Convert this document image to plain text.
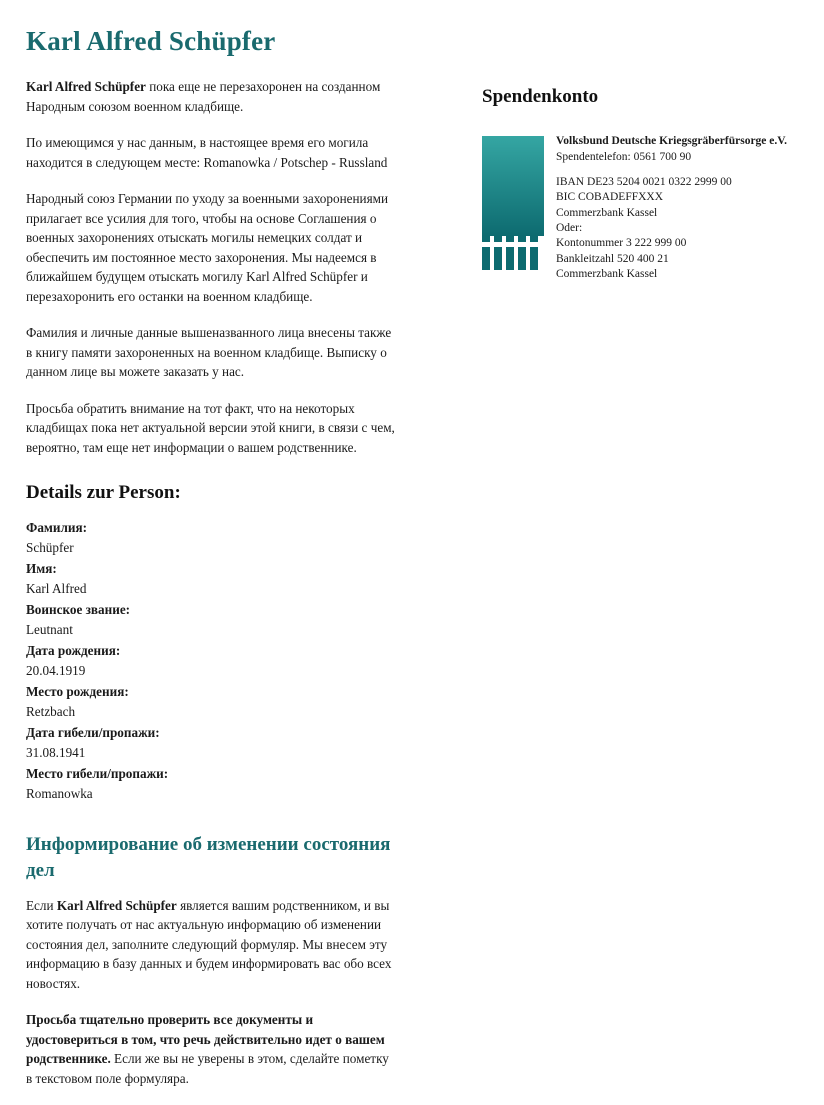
Karl Alfred Schüpfer

Karl Alfred Schüpfer пока еще не перезахоронен на созданном Народным союзом военном кладбище.

По имеющимся у нас данным, в настоящее время его могила находится в следующем месте: Romanowka / Potschep - Russland

Народный союз Германии по уходу за военными захоронениями прилагает все усилия для того, чтобы на основе Соглашения о военных захоронениях отыскать могилы немецких солдат и обеспечить им постоянное место захоронения. Мы надеемся в ближайшем будущем отыскать могилу Karl Alfred Schüpfer и перезахоронить его останки на военном кладбище.

Фамилия и личные данные вышеназванного лица внесены также в книгу памяти захороненных на военном кладбище. Выписку о данном лице вы можете заказать у нас.

Просьба обратить внимание на тот факт, что на некоторых кладбищах пока нет актуальной версии этой книги, в связи с чем, вероятно, там еще нет информации о вашем родственнике.

Details zur Person:
Фамилия:
Schüpfer
Имя:
Karl Alfred
Воинское звание:
Leutnant
Дата рождения:
20.04.1919
Место рождения:
Retzbach
Дата гибели/пропажи:
31.08.1941
Место гибели/пропажи:
Romanowka
Информирование об изменении состояния дел

Если Karl Alfred Schüpfer является вашим родственником, и вы хотите получать от нас актуальную информацию об изменении состояния дел, заполните следующий формуляр. Мы внесем эту информацию в базу данных и будем информировать вас обо всех новостях.

Просьба тщательно проверить все документы и удостовериться в том, что речь действительно идет о вашем родственнике. Если же вы не уверены в этом, сделайте пометку в текстовом поле формуляра.

Spendenkonto
Volksbund Deutsche Kriegsgräberfürsorge e.V.
Spendentelefon: 0561 700 90
IBAN DE23 5204 0021 0322 2999 00
BIC COBADEFFXXX
Commerzbank Kassel
Oder:
Kontonummer 3 222 999 00
Bankleitzahl 520 400 21
Commerzbank Kassel
